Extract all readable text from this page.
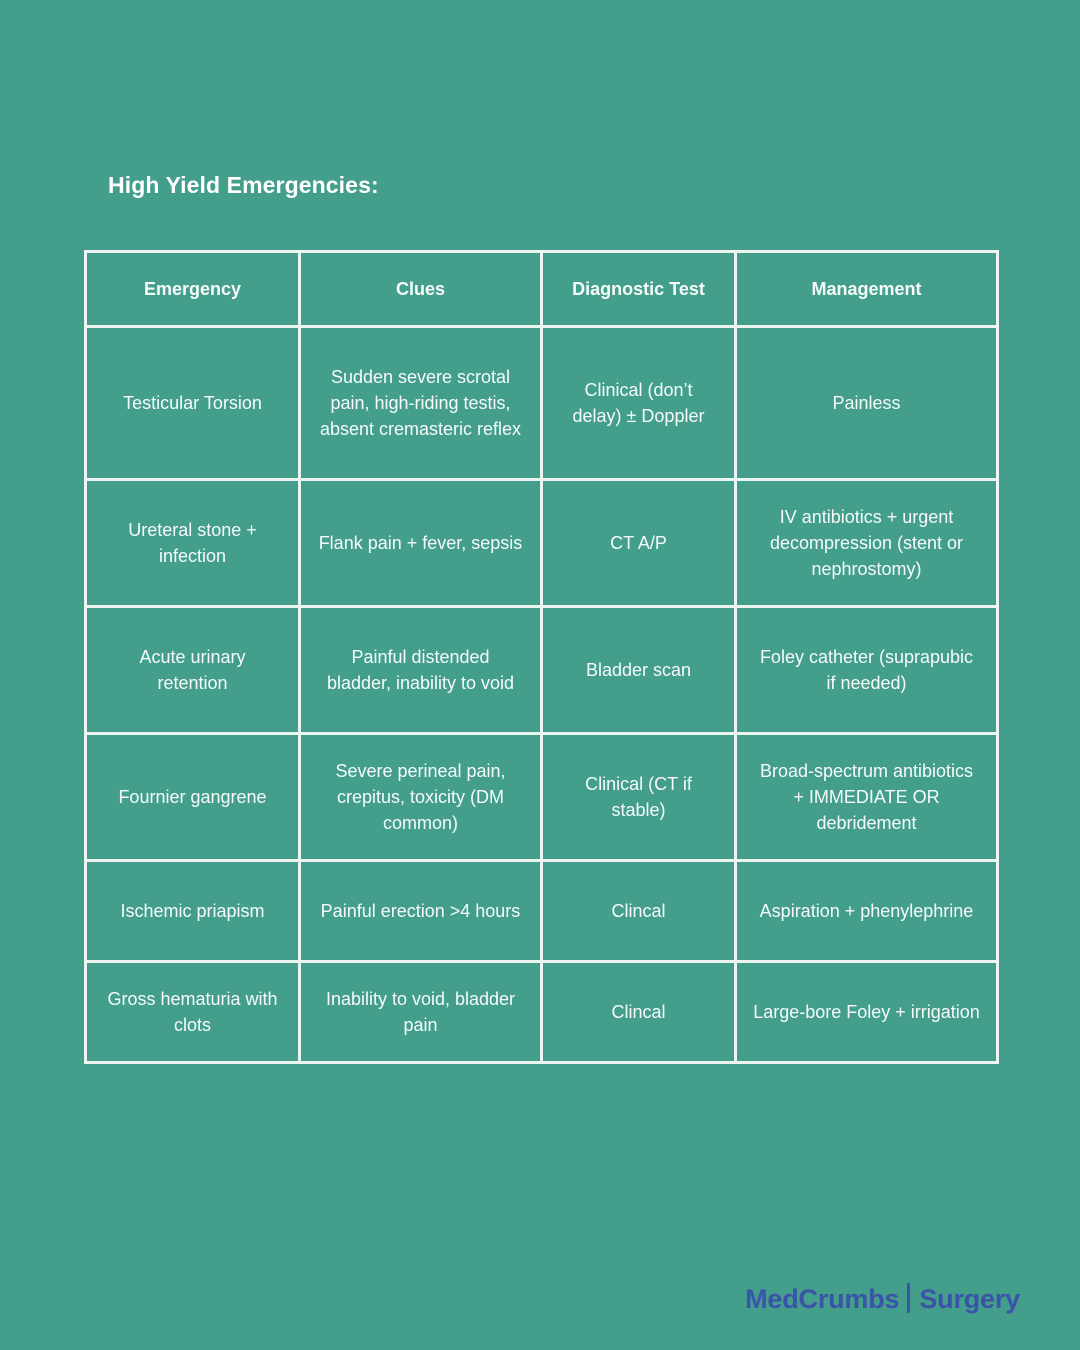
High Yield Emergencies:
Emergency	Clues	Diagnostic Test	Management
Testicular Torsion	Sudden severe scrotal pain, high-riding testis, absent cremasteric reflex	Clinical (don’t delay) ± Doppler	Painless
Ureteral stone + infection	Flank pain + fever, sepsis	CT A/P	IV antibiotics + urgent decompression (stent or nephrostomy)
Acute urinary retention	Painful distended bladder, inability to void	Bladder scan	Foley catheter (suprapubic if needed)
Fournier gangrene	Severe perineal pain, crepitus, toxicity (DM common)	Clinical (CT if stable)	Broad-spectrum antibiotics + IMMEDIATE OR debridement
Ischemic priapism	Painful erection >4 hours	Clincal	Aspiration + phenylephrine
Gross hematuria with clots	Inability to void, bladder pain	Clincal	Large-bore Foley + irrigation
MedCrumbs Surgery
